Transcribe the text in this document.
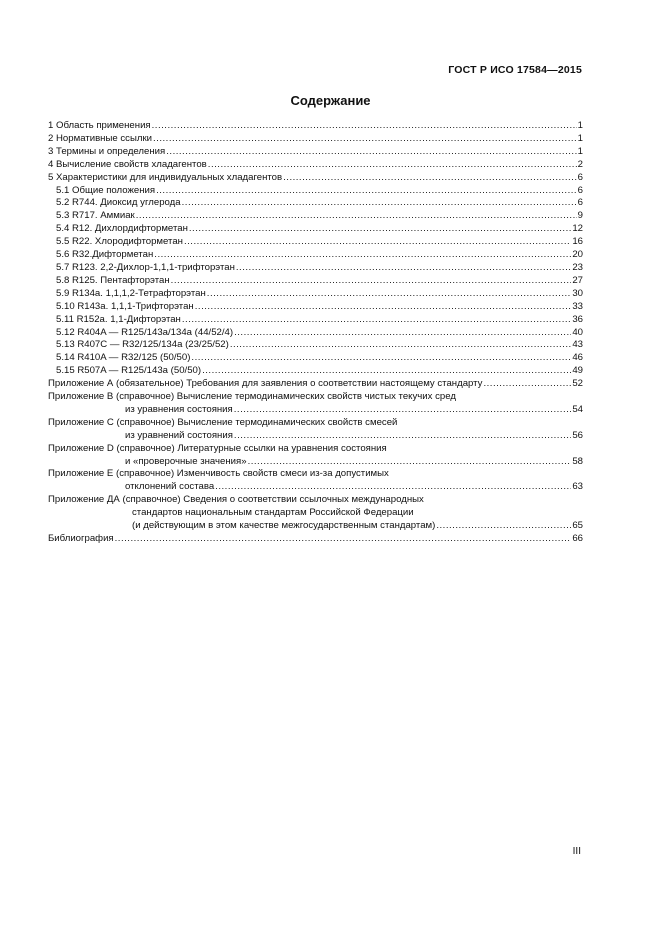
ГОСТ Р ИСО 17584—2015
Содержание
1 Область применения .....	1
2 Нормативные ссылки .....	1
3 Термины и определения .....	1
4 Вычисление свойств хладагентов .....	2
5 Характеристики для индивидуальных хладагентов .....	6
5.1 Общие положения .....	6
5.2 R744. Диоксид углерода .....	6
5.3 R717. Аммиак .....	9
5.4 R12. Дихлордифторметан .....	12
5.5 R22. Хлородифторметан .....	16
5.6 R32.Дифторметан .....	20
5.7 R123. 2,2-Дихлор-1,1,1-трифторэтан .....	23
5.8 R125. Пентафторэтан .....	27
5.9 R134a. 1,1,1,2-Тетрафторэтан .....	30
5.10 R143a. 1,1,1-Трифторэтан .....	33
5.11 R152a. 1,1-Дифторэтан .....	36
5.12 R404A — R125/143a/134a (44/52/4) .....	40
5.13 R407C — R32/125/134a (23/25/52) .....	43
5.14 R410A — R32/125 (50/50) .....	46
5.15 R507A — R125/143a (50/50) .....	49
Приложение А (обязательное) Требования для заявления о соответствии настоящему стандарту .....	52
Приложение В (справочное) Вычисление термодинамических свойств чистых текучих сред
из уравнения состояния .....	54
Приложение С (справочное) Вычисление термодинамических свойств смесей
из уравнений состояния .....	56
Приложение D (справочное) Литературные ссылки на уравнения состояния
и «проверочные значения» .....	58
Приложение Е (справочное) Изменчивость свойств смеси из-за допустимых
отклонений состава .....	63
Приложение ДА (справочное) Сведения о соответствии ссылочных международных
стандартов национальным стандартам Российской Федерации
(и действующим в этом качестве межгосударственным стандартам) .....	65
Библиография .....	66
III
